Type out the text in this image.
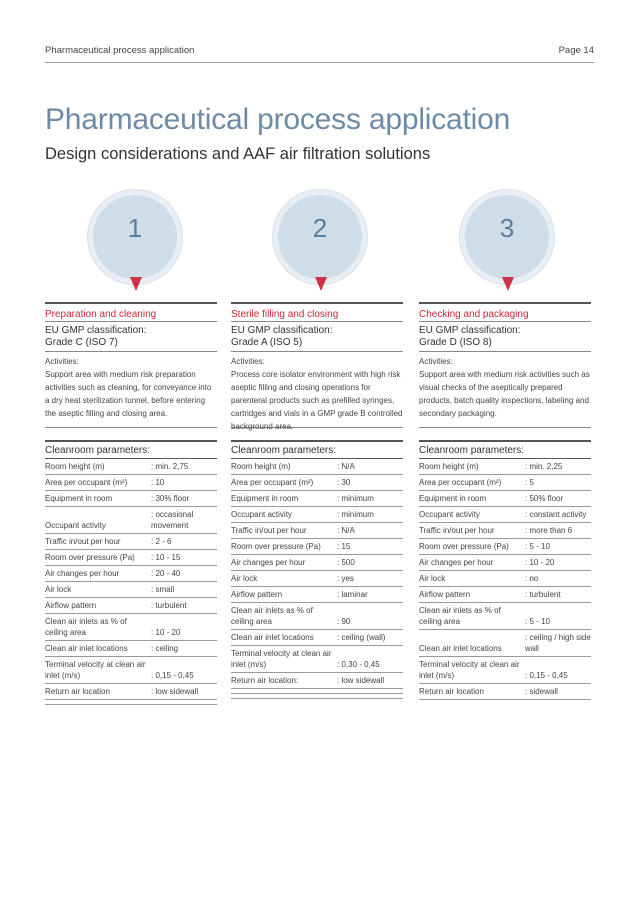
Pharmaceutical process application	Page 14
Pharmaceutical process application
Design considerations and AAF air filtration solutions
1	2	3
Preparation and cleaning
EU GMP classification:
Grade C (ISO 7)
Activities:
Support area with medium risk preparation activities such as cleaning, for conveyance into a dry heat sterilization tunnel, before entering the aseptic filling and closing area.
Cleanroom parameters:
Room height (m)	: min. 2,75
Area per occupant (m²)	: 10
Equipment in room	: 30% floor
Occupant activity	: occasional movement
Traffic in/out per hour	: 2 - 6
Room over pressure (Pa)	: 10 - 15
Air changes per hour	: 20 - 40
Air lock	: small
Airflow pattern	: turbulent
Clean air inlets as % of ceiling area	: 10 - 20
Clean air inlet locations	: ceiling
Terminal velocity at clean air inlet (m/s)	: 0,15 - 0,45
Return air location	: low sidewall

Sterile filling and closing
EU GMP classification:
Grade A (ISO 5)
Activities:
Process core isolator environment with high risk aseptic filling and closing operations for parenteral products such as prefilled syringes, cartridges and vials in a GMP grade B controlled background area.
Cleanroom parameters:
Room height (m)	: N/A
Area per occupant (m²)	: 30
Equipment in room	: minimum
Occupant activity	: minimum
Traffic in/out per hour	: N/A
Room over pressure (Pa)	: 15
Air changes per hour	: 500
Air lock	: yes
Airflow pattern	: laminar
Clean air inlets as % of ceiling area	: 90
Clean air inlet locations	: ceiling (wall)
Terminal velocity at clean air inlet (m/s)	: 0,30 - 0,45
Return air location:	: low sidewall

Checking and packaging
EU GMP classification:
Grade D (ISO 8)
Activities:
Support area with medium risk activities such as visual checks of the aseptically prepared products, batch quality inspections, labeling and secondary packaging.
Cleanroom parameters:
Room height (m)	: min. 2,25
Area per occupant (m²)	: 5
Equipment in room	: 50% floor
Occupant activity	: constant activity
Traffic in/out per hour	: more than 6
Room over pressure (Pa)	: 5 - 10
Air changes per hour	: 10 - 20
Air lock	: no
Airflow pattern	: turbulent
Clean air inlets as % of ceiling area	: 5 - 10
Clean air inlet locations	: ceiling / high side wall
Terminal velocity at clean air inlet (m/s)	: 0,15 - 0,45
Return air location	: sidewall
